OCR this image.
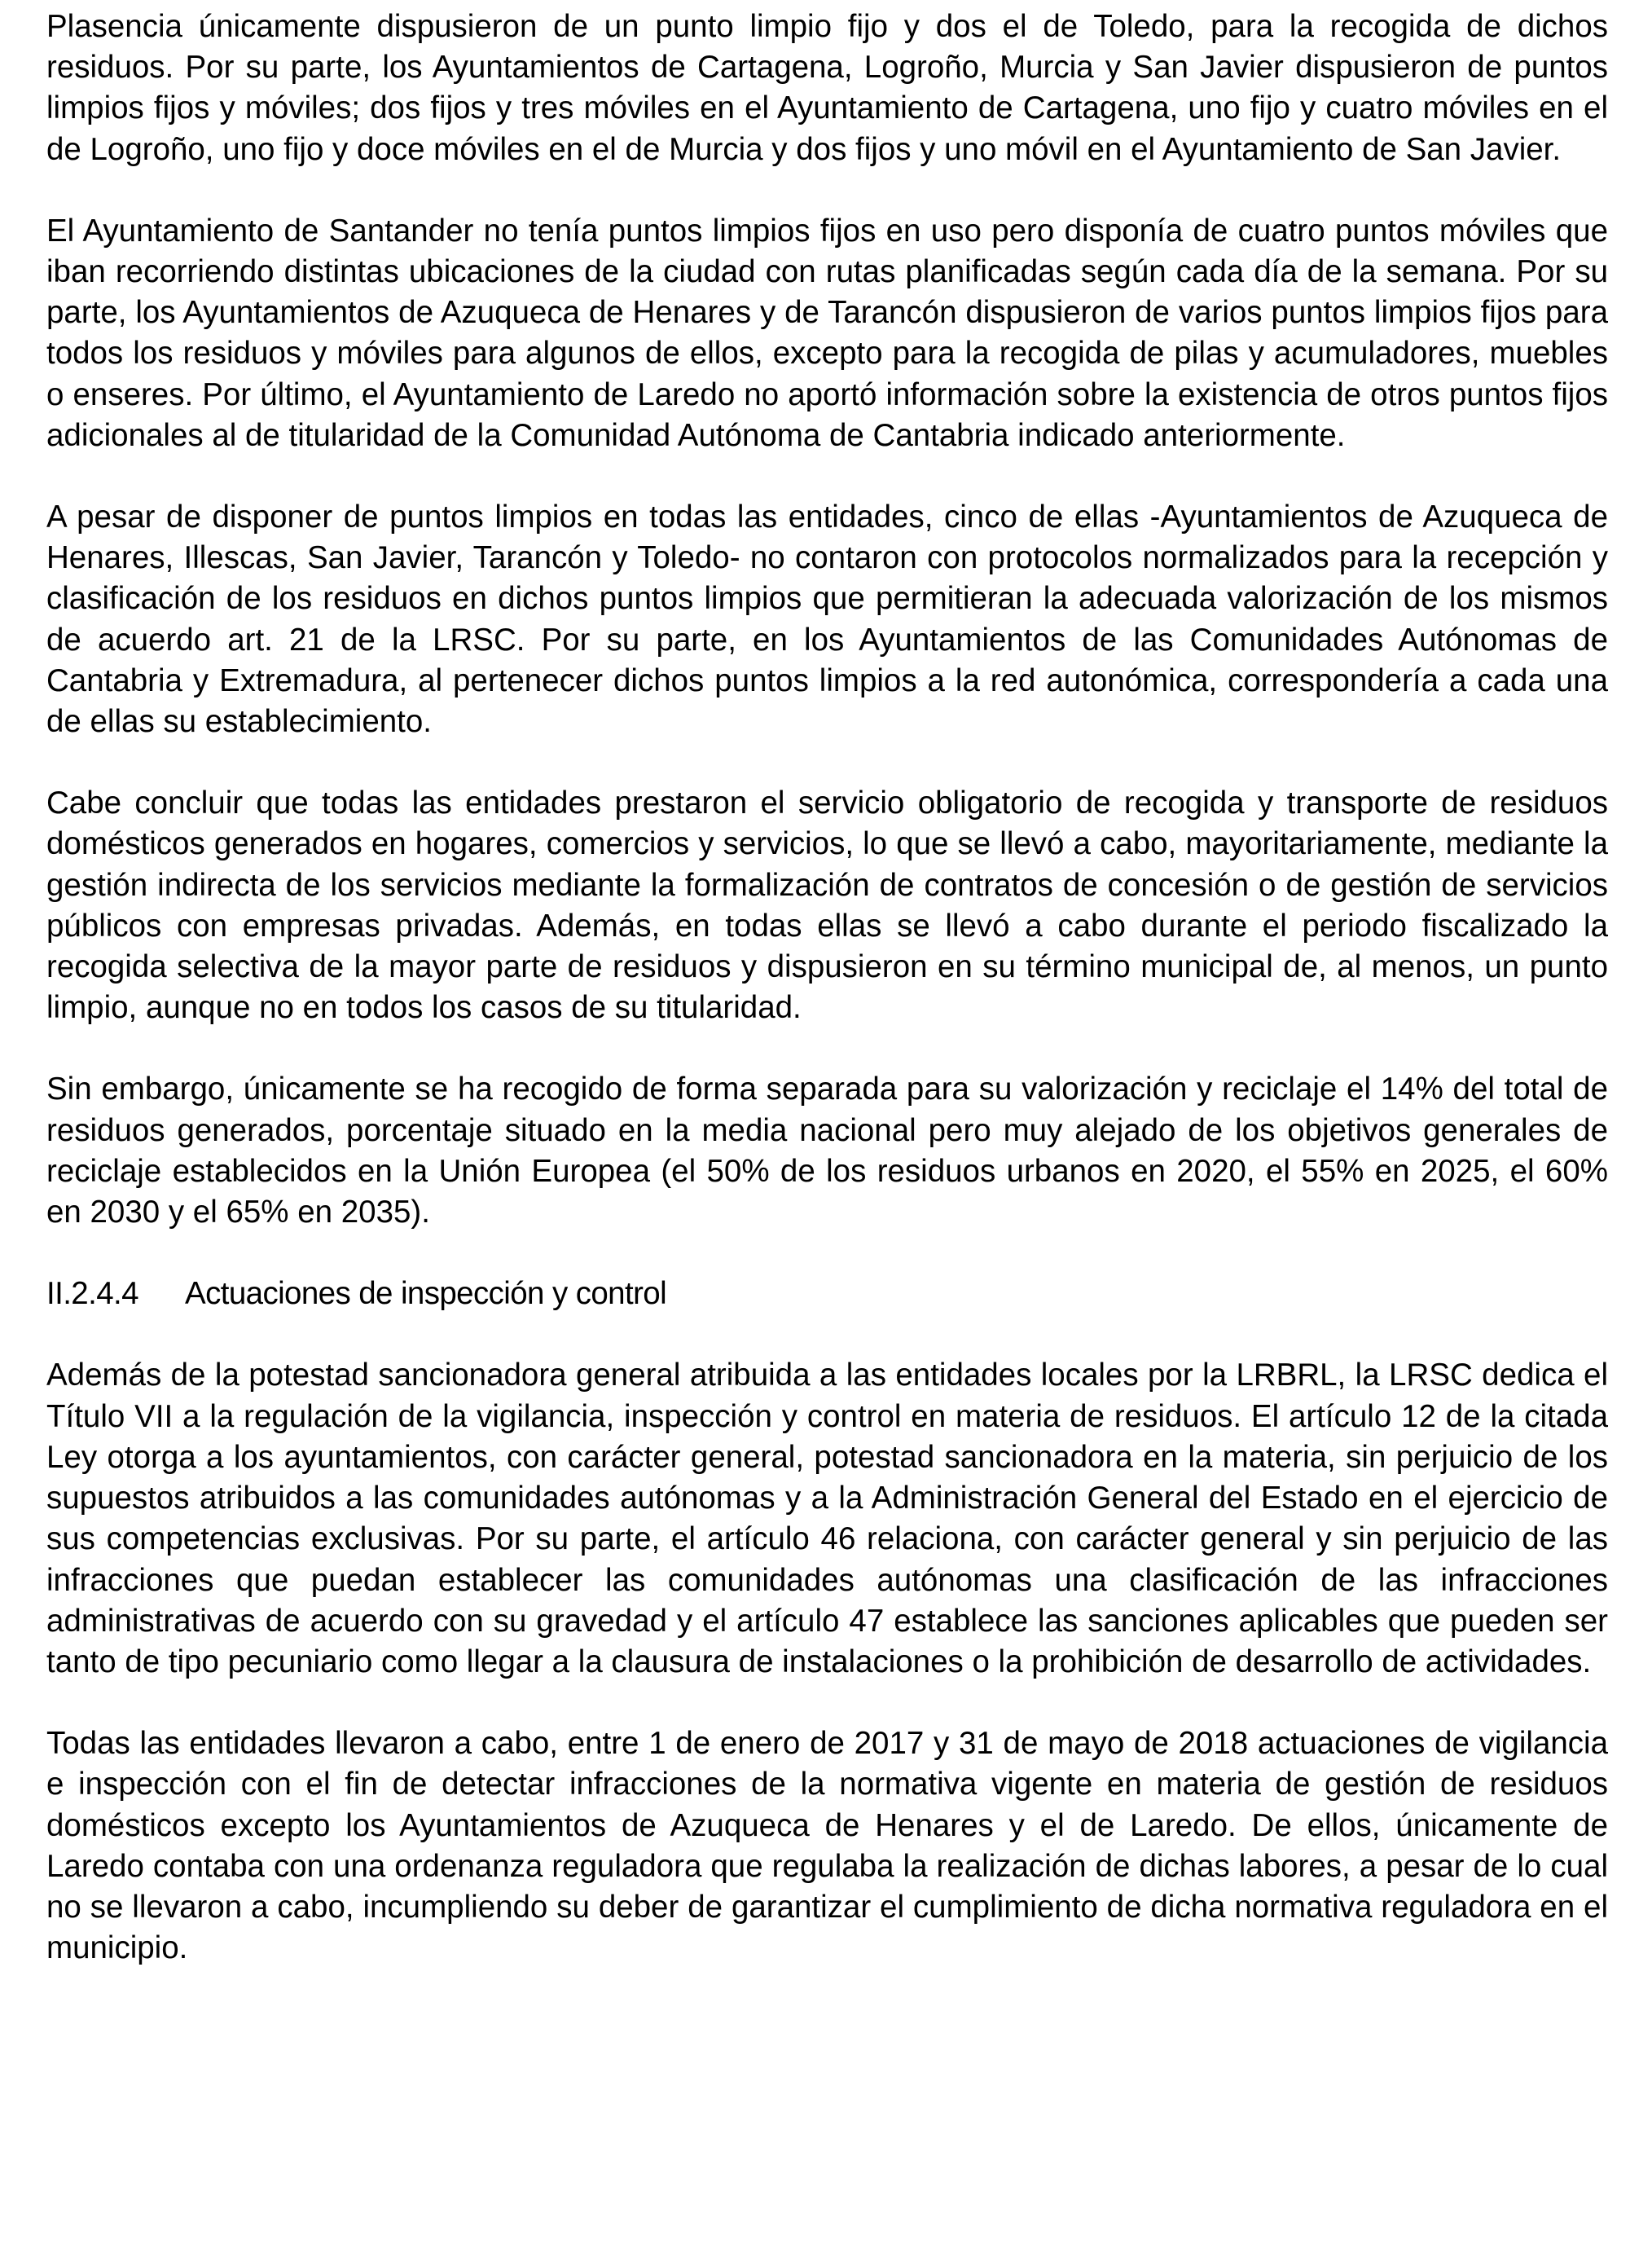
Plasencia únicamente dispusieron de un punto limpio fijo y dos el de Toledo, para la recogida de dichos residuos. Por su parte, los Ayuntamientos de Cartagena, Logroño, Murcia y San Javier dispusieron de puntos limpios fijos y móviles; dos fijos y tres móviles en el Ayuntamiento de Cartagena, uno fijo y cuatro móviles en el de Logroño, uno fijo y doce móviles en el de Murcia y dos fijos y uno móvil en el Ayuntamiento de San Javier.

El Ayuntamiento de Santander no tenía puntos limpios fijos en uso pero disponía de cuatro puntos móviles que iban recorriendo distintas ubicaciones de la ciudad con rutas planificadas según cada día de la semana. Por su parte, los Ayuntamientos de Azuqueca de Henares y de Tarancón dispusieron de varios puntos limpios fijos para todos los residuos y móviles para algunos de ellos, excepto para la recogida de pilas y acumuladores, muebles o enseres. Por último, el Ayuntamiento de Laredo no aportó información sobre la existencia de otros puntos fijos adicionales al de titularidad de la Comunidad Autónoma de Cantabria indicado anteriormente.

A pesar de disponer de puntos limpios en todas las entidades, cinco de ellas -Ayuntamientos de Azuqueca de Henares, Illescas, San Javier, Tarancón y Toledo- no contaron con protocolos normalizados para la recepción y clasificación de los residuos en dichos puntos limpios que permitieran la adecuada valorización de los mismos de acuerdo art. 21 de la LRSC. Por su parte, en los Ayuntamientos de las Comunidades Autónomas de Cantabria y Extremadura, al pertenecer dichos puntos limpios a la red autonómica, correspondería a cada una de ellas su establecimiento.

Cabe concluir que todas las entidades prestaron el servicio obligatorio de recogida y transporte de residuos domésticos generados en hogares, comercios y servicios, lo que se llevó a cabo, mayoritariamente, mediante la gestión indirecta de los servicios mediante la formalización de contratos de concesión o de gestión de servicios públicos con empresas privadas. Además, en todas ellas se llevó a cabo durante el periodo fiscalizado la recogida selectiva de la mayor parte de residuos y dispusieron en su término municipal de, al menos, un punto limpio, aunque no en todos los casos de su titularidad.

Sin embargo, únicamente se ha recogido de forma separada para su valorización y reciclaje el 14% del total de residuos generados, porcentaje situado en la media nacional pero muy alejado de los objetivos generales de reciclaje establecidos en la Unión Europea (el 50% de los residuos urbanos en 2020, el 55% en 2025, el 60% en 2030 y el 65% en 2035).

II.2.4.4	Actuaciones de inspección y control

Además de la potestad sancionadora general atribuida a las entidades locales por la LRBRL, la LRSC dedica el Título VII a la regulación de la vigilancia, inspección y control en materia de residuos. El artículo 12 de la citada Ley otorga a los ayuntamientos, con carácter general, potestad sancionadora en la materia, sin perjuicio de los supuestos atribuidos a las comunidades autónomas y a la Administración General del Estado en el ejercicio de sus competencias exclusivas. Por su parte, el artículo 46 relaciona, con carácter general y sin perjuicio de las infracciones que puedan establecer las comunidades autónomas una clasificación de las infracciones administrativas de acuerdo con su gravedad y el artículo 47 establece las sanciones aplicables que pueden ser tanto de tipo pecuniario como llegar a la clausura de instalaciones o la prohibición de desarrollo de actividades.

Todas las entidades llevaron a cabo, entre 1 de enero de 2017 y 31 de mayo de 2018 actuaciones de vigilancia e inspección con el fin de detectar infracciones de la normativa vigente en materia de gestión de residuos domésticos excepto los Ayuntamientos de Azuqueca de Henares y el de Laredo. De ellos, únicamente de Laredo contaba con una ordenanza reguladora que regulaba la realización de dichas labores, a pesar de lo cual no se llevaron a cabo, incumpliendo su deber de garantizar el cumplimiento de dicha normativa reguladora en el municipio.
